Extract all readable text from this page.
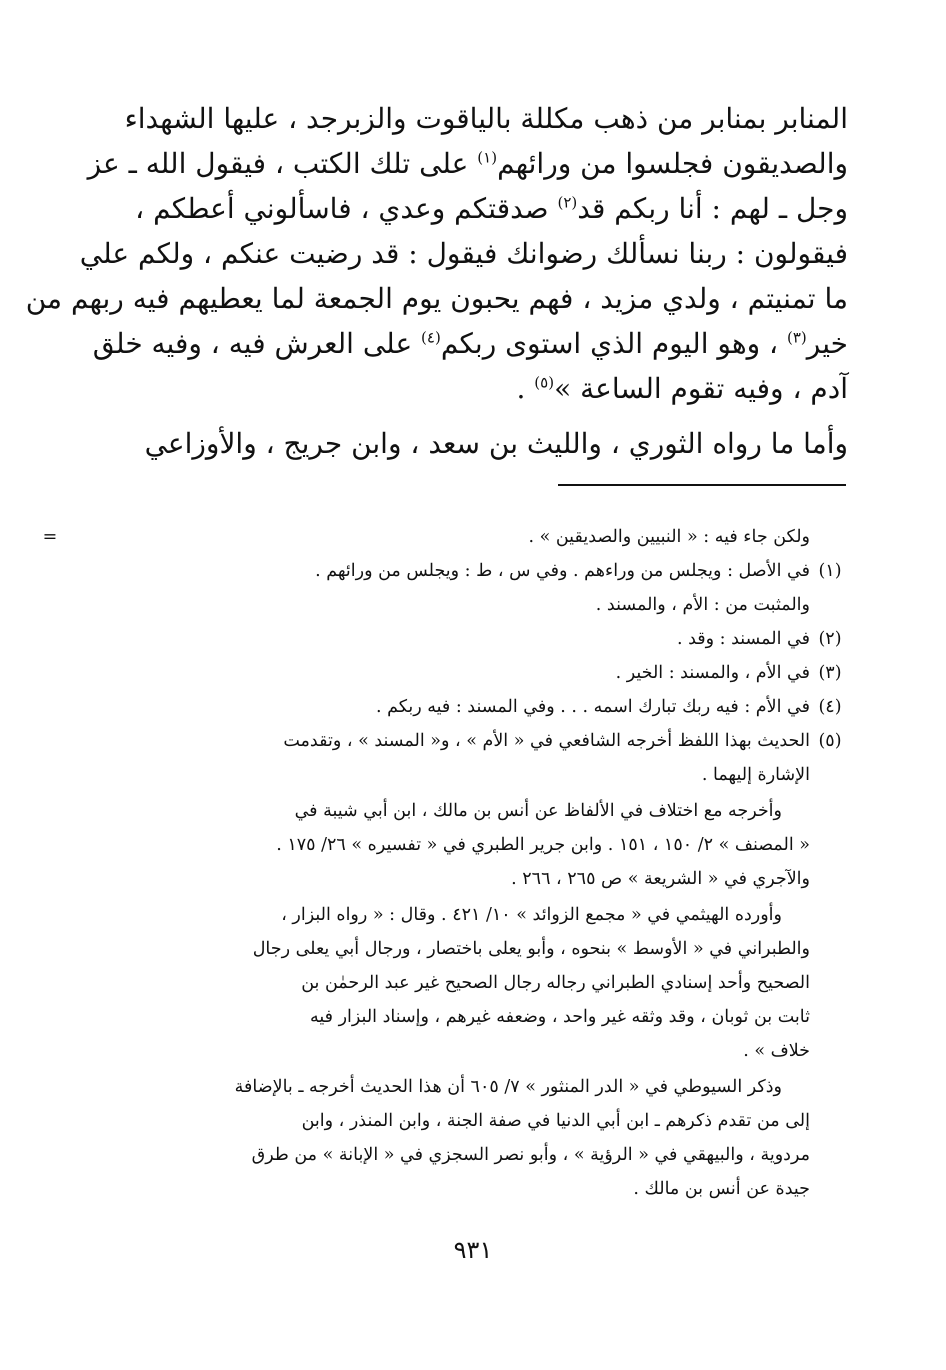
المنابر بمنابر من ذهب مكللة بالياقوت والزبرجد ، عليها الشهداء
والصديقون فجلسوا من ورائهم$^{(١)}$ على تلك الكتب ، فيقول الله ـ عز
وجل ـ لهم : أنا ربكم قد$^{(٢)}$ صدقتكم وعدي ، فاسألوني أعطكم ،
فيقولون : ربنا نسألك رضوانك فيقول : قد رضيت عنكم ، ولكم علي
ما تمنيتم ، ولدي مزيد ، فهم يحبون يوم الجمعة لما يعطيهم فيه ربهم من
خير$^{(٣)}$ ، وهو اليوم الذي استوى ربكم$^{(٤)}$ على العرش فيه ، وفيه خلق
آدم ، وفيه تقوم الساعة »$^{(٥)}$ .

وأما ما رواه الثوري ، والليث بن سعد ، وابن جريج ، والأوزاعي

=	ولكن جاء فيه : « النبيين والصديقين » .
(١)
في الأصل : ويجلس من وراءهم . وفي س ، ط : ويجلس من ورائهم .
والمثبت من : الأم ، والمسند .
(٢)
في المسند : وقد .
(٣)
في الأم ، والمسند : الخير .
(٤)
في الأم : فيه ربك تبارك اسمه . . . وفي المسند : فيه ربكم .
(٥)
الحديث بهذا اللفظ أخرجه الشافعي في « الأم » ، و« المسند » ، وتقدمت
الإشارة إليهما .
وأخرجه مع اختلاف في الألفاظ عن أنس بن مالك ، ابن أبي شيبة في
« المصنف » ٢/ ١٥٠ ، ١٥١ . وابن جرير الطبري في « تفسيره » ٢٦/ ١٧٥ .
والآجري في « الشريعة » ص ٢٦٥ ، ٢٦٦ .
وأورده الهيثمي في « مجمع الزوائد » ١٠/ ٤٢١ . وقال : « رواه البزار ،
والطبراني في « الأوسط » بنحوه ، وأبو يعلى باختصار ، ورجال أبي يعلى رجال
الصحيح وأحد إسنادي الطبراني رجاله رجال الصحيح غير عبد الرحمٰن بن
ثابت بن ثوبان ، وقد وثقه غير واحد ، وضعفه غيرهم ، وإسناد البزار فيه
خلاف » .
وذكر السيوطي في « الدر المنثور » ٧/ ٦٠٥ أن هذا الحديث أخرجه ـ بالإضافة
إلى من تقدم ذكرهم ـ ابن أبي الدنيا في صفة الجنة ، وابن المنذر ، وابن
مردوية ، والبيهقي في « الرؤية » ، وأبو نصر السجزي في « الإبانة » من طرق
جيدة عن أنس بن مالك .
٩٣١
